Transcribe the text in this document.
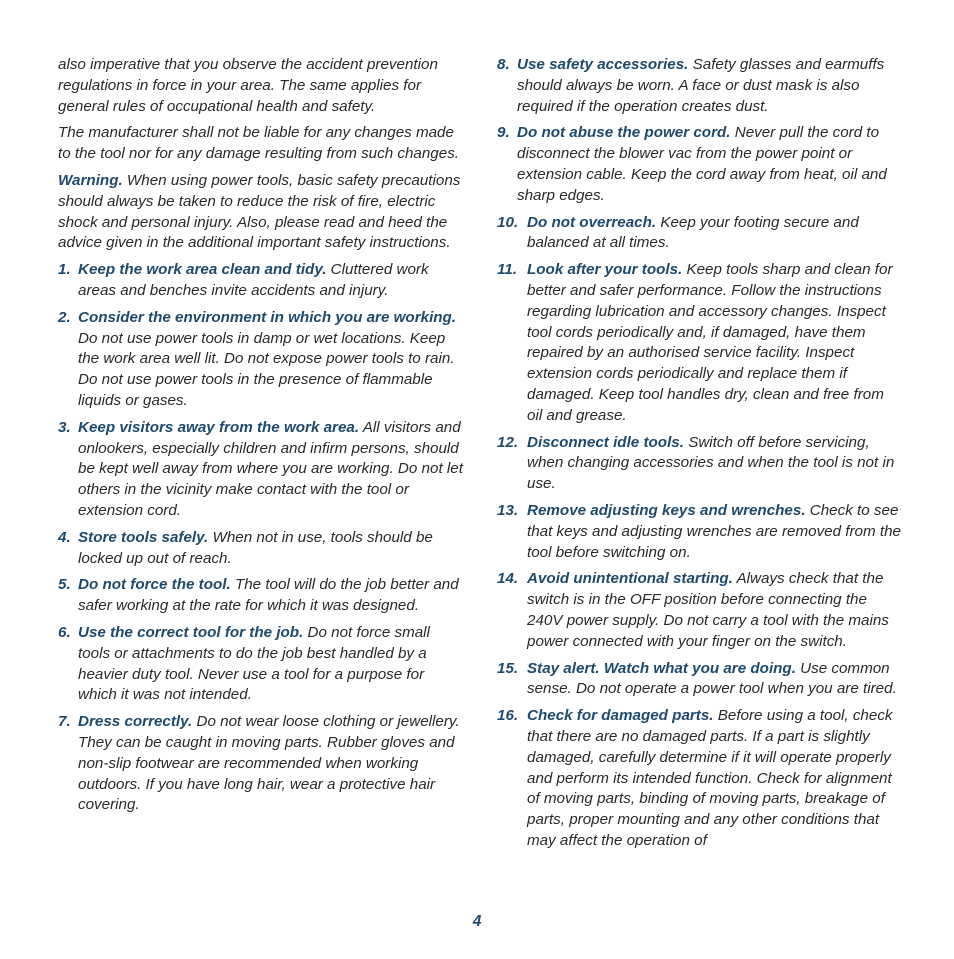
also imperative that you observe the accident prevention regulations in force in your area. The same applies for general rules of occupational health and safety.

The manufacturer shall not be liable for any changes made to the tool nor for any damage resulting from such changes.

Warning. When using power tools, basic safety precautions should always be taken to reduce the risk of fire, electric shock and personal injury. Also, please read and heed the advice given in the additional important safety instructions.

1. Keep the work area clean and tidy. Cluttered work areas and benches invite accidents and injury.
2. Consider the environment in which you are working. Do not use power tools in damp or wet locations. Keep the work area well lit. Do not expose power tools to rain. Do not use power tools in the presence of flammable liquids or gases.
3. Keep visitors away from the work area. All visitors and onlookers, especially children and infirm persons, should be kept well away from where you are working. Do not let others in the vicinity make contact with the tool or extension cord.
4. Store tools safely. When not in use, tools should be locked up out of reach.
5. Do not force the tool. The tool will do the job better and safer working at the rate for which it was designed.
6. Use the correct tool for the job. Do not force small tools or attachments to do the job best handled by a heavier duty tool. Never use a tool for a purpose for which it was not intended.
7. Dress correctly. Do not wear loose clothing or jewellery. They can be caught in moving parts. Rubber gloves and non-slip footwear are recommended when working outdoors. If you have long hair, wear a protective hair covering.
8. Use safety accessories. Safety glasses and earmuffs should always be worn. A face or dust mask is also required if the operation creates dust.
9. Do not abuse the power cord. Never pull the cord to disconnect the blower vac from the power point or extension cable. Keep the cord away from heat, oil and sharp edges.
10. Do not overreach. Keep your footing secure and balanced at all times.
11. Look after your tools. Keep tools sharp and clean for better and safer performance. Follow the instructions regarding lubrication and accessory changes. Inspect tool cords periodically and, if damaged, have them repaired by an authorised service facility. Inspect extension cords periodically and replace them if damaged. Keep tool handles dry, clean and free from oil and grease.
12. Disconnect idle tools. Switch off before servicing, when changing accessories and when the tool is not in use.
13. Remove adjusting keys and wrenches. Check to see that keys and adjusting wrenches are removed from the tool before switching on.
14. Avoid unintentional starting. Always check that the switch is in the OFF position before connecting the 240V power supply. Do not carry a tool with the mains power connected with your finger on the switch.
15. Stay alert. Watch what you are doing. Use common sense. Do not operate a power tool when you are tired.
16. Check for damaged parts. Before using a tool, check that there are no damaged parts. If a part is slightly damaged, carefully determine if it will operate properly and perform its intended function. Check for alignment of moving parts, binding of moving parts, breakage of parts, proper mounting and any other conditions that may affect the operation of
4
